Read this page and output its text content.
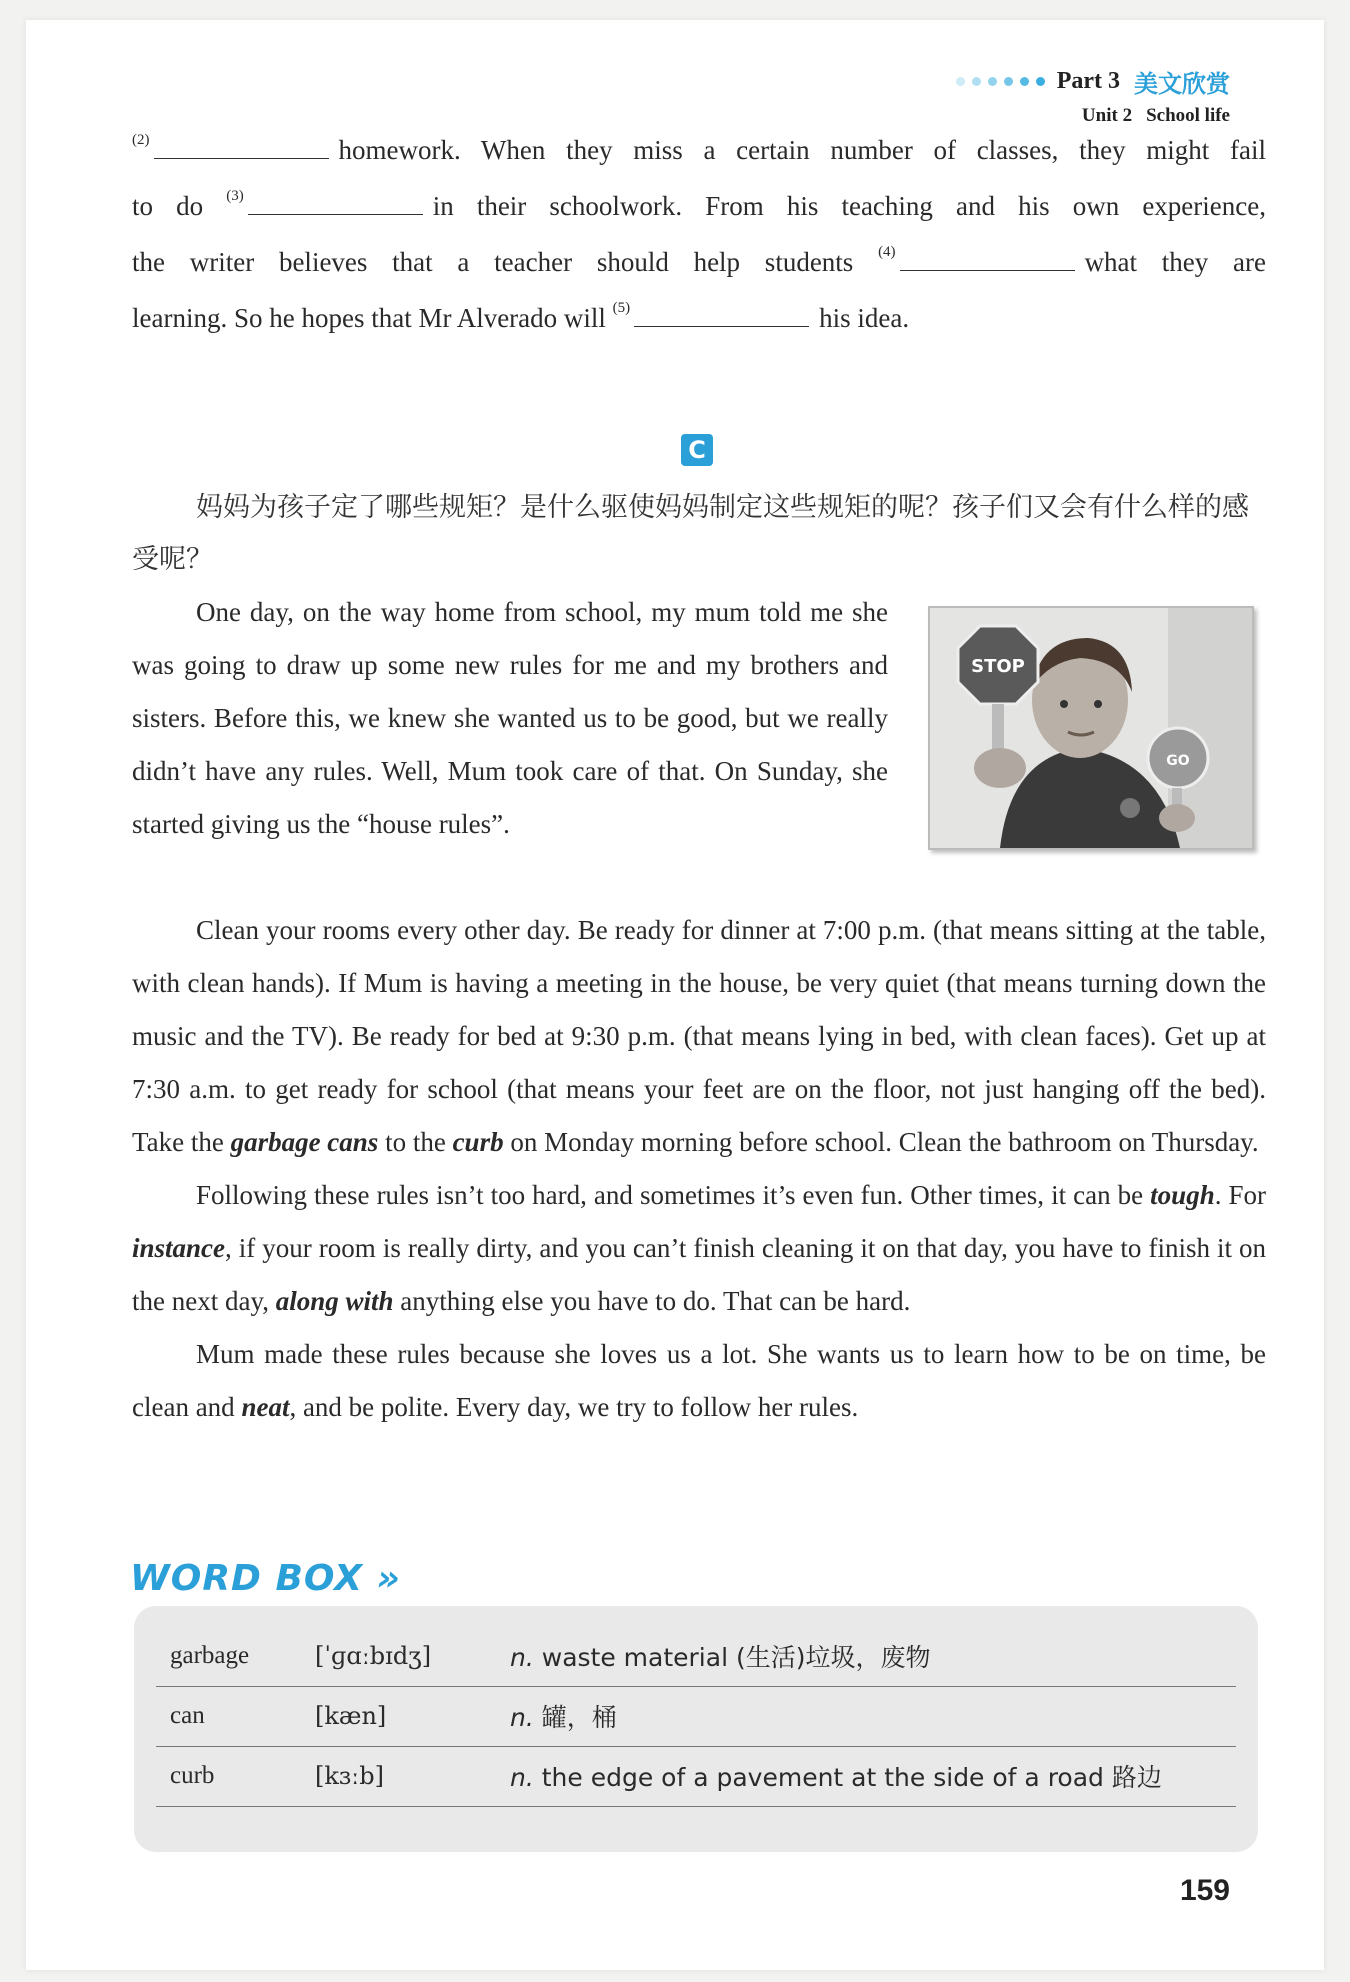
Part 3 美文欣赏
Unit 2 School life
$^{(2)}$	homework. When they miss a certain number of classes, they might fail
to do $^{(3)}$	in their schoolwork. From his teaching and his own experience,
the writer believes that a teacher should help students $^{(4)}$	what they are
learning. So he hopes that Mr Alverado will $^{(5)}$	his idea.
C
妈妈为孩子定了哪些规矩？是什么驱使妈妈制定这些规矩的呢？孩子们又会有什么样的感受呢？
STOP
GO

One day, on the way home from school, my mum told me she was going to draw up some new rules for me and my brothers and sisters. Before this, we knew she wanted us to be good, but we really didn’t have any rules. Well, Mum took care of that. On Sunday, she started giving us the “house rules”.

Clean your rooms every other day. Be ready for dinner at 7:00 p.m. (that means sitting at the table, with clean hands). If Mum is having a meeting in the house, be very quiet (that means turning down the music and the TV). Be ready for bed at 9:30 p.m. (that means lying in bed, with clean faces). Get up at 7:30 a.m. to get ready for school (that means your feet are on the floor, not just hanging off the bed). Take the garbage cans to the curb on Monday morning before school. Clean the bathroom on Thursday.

Following these rules isn’t too hard, and sometimes it’s even fun. Other times, it can be tough. For instance, if your room is really dirty, and you can’t finish cleaning it on that day, you have to finish it on the next day, along with anything else you have to do. That can be hard.

Mum made these rules because she loves us a lot. She wants us to learn how to be on time, be clean and neat, and be polite. Every day, we try to follow her rules.

WORD BOX »
garbage	[ˈɡɑːbɪdʒ]	n. waste material (生活)垃圾，废物
can	[kæn]	n. 罐，桶
curb	[kɜːb]	n. the edge of a pavement at the side of a road 路边
159
